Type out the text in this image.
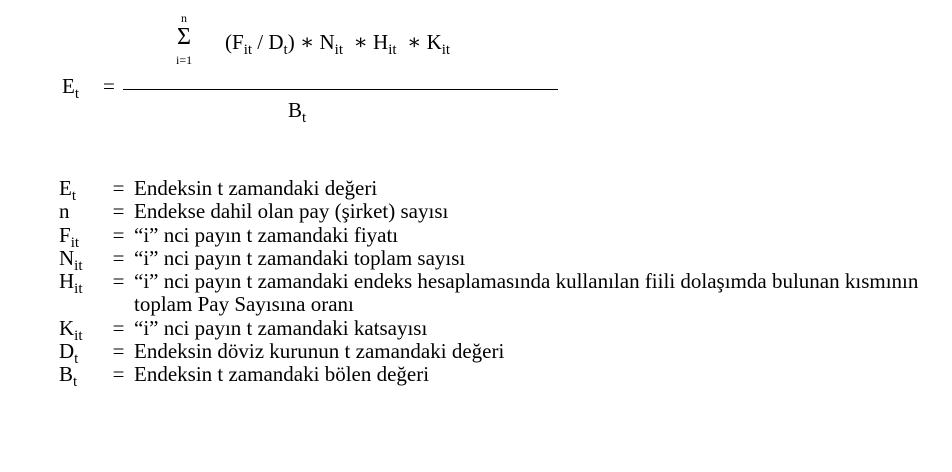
$E_t$ =
n
Σ
i=1
$(F_{it} / D_t)$ ∗ $N_{it}$ ∗ $H_{it}$ ∗ $K_{it}$
$B_t$
$E_t$	= Endeksin t zamandaki değeri
n	= Endekse dahil olan pay (şirket) sayısı
$F_{it}$	= “i” nci payın t zamandaki fiyatı
$N_{it}$	= “i” nci payın t zamandaki toplam sayısı
$H_{it}$	= “i” nci payın t zamandaki endeks hesaplamasında kullanılan fiili dolaşımda bulunan kısmının toplam Pay Sayısına oranı
$K_{it}$	= “i” nci payın t zamandaki katsayısı
$D_t$	= Endeksin döviz kurunun t zamandaki değeri
$B_t$	= Endeksin t zamandaki bölen değeri
